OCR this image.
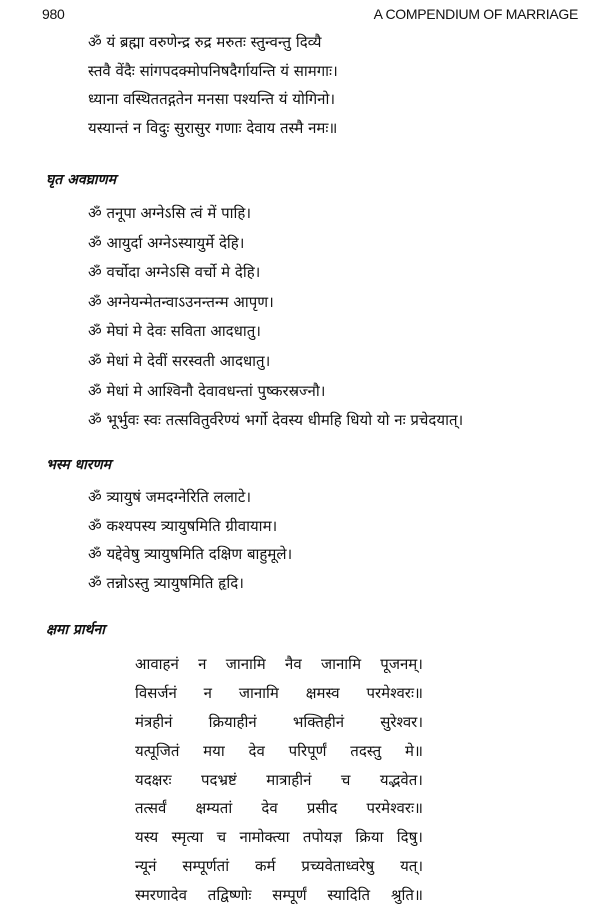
980	A COMPENDIUM OF MARRIAGE
ॐ यं ब्रह्मा वरुणेन्द्र रुद्र मरुतः स्तुन्वन्तु दिव्यै
स्तवै वेंदैः सांगपदक्मोपनिषदैर्गायन्ति यं सामगाः।
ध्याना वस्थिततद्गतेन मनसा पश्यन्ति यं योगिनो।
यस्यान्तं न विदुः सुरासुर गणाः देवाय तस्मै नमः॥
घृत अवघ्राणम
ॐ तनूपा अग्नेऽसि त्वं में पाहि।
ॐ आयुर्दा अग्नेऽस्यायुर्मे देहि।
ॐ वर्चोदा अग्नेऽसि वर्चो मे देहि।
ॐ अग्नेयन्मेतन्वाऽउनन्तन्म आपृण।
ॐ मेघां मे देवः सविता आदधातु।
ॐ मेधां मे देवीं सरस्वती आदधातु।
ॐ मेधां मे आश्विनौ देवावधन्तां पुष्करस्रज्नौ।
ॐ भूर्भुवः स्वः तत्सवितुर्वरेण्यं भर्गो देवस्य धीमहि धियो यो नः प्रचेदयात्।
भस्म धारणम
ॐ त्र्यायुषं जमदग्नेरिति ललाटे।
ॐ कश्यपस्य त्र्यायुषमिति ग्रीवायाम।
ॐ यद्देवेषु त्र्यायुषमिति दक्षिण बाहुमूले।
ॐ तन्नोऽस्तु त्र्यायुषमिति हृदि।
क्षमा प्रार्थना
आवाहनं न जानामि नैव जानामि पूजनम्।
विसर्जनं न जानामि क्षमस्व परमेश्वरः॥
मंत्रहीनं क्रियाहीनं भक्तिहीनं सुरेश्वर।
यत्पूजितं मया देव परिपूर्णं तदस्तु मे॥
यदक्षरः पदभ्रष्टं मात्राहीनं च यद्भवेत।
तत्सर्वं क्षम्यतां देव प्रसीद परमेश्वरः॥
यस्य स्मृत्या च नामोक्त्या तपोयज्ञ क्रिया दिषु।
न्यूनं सम्पूर्णतां कर्म प्रच्यवेताध्वरेषु यत्।
स्मरणादेव तद्विष्णोः सम्पूर्णं स्यादिति श्रुति॥
